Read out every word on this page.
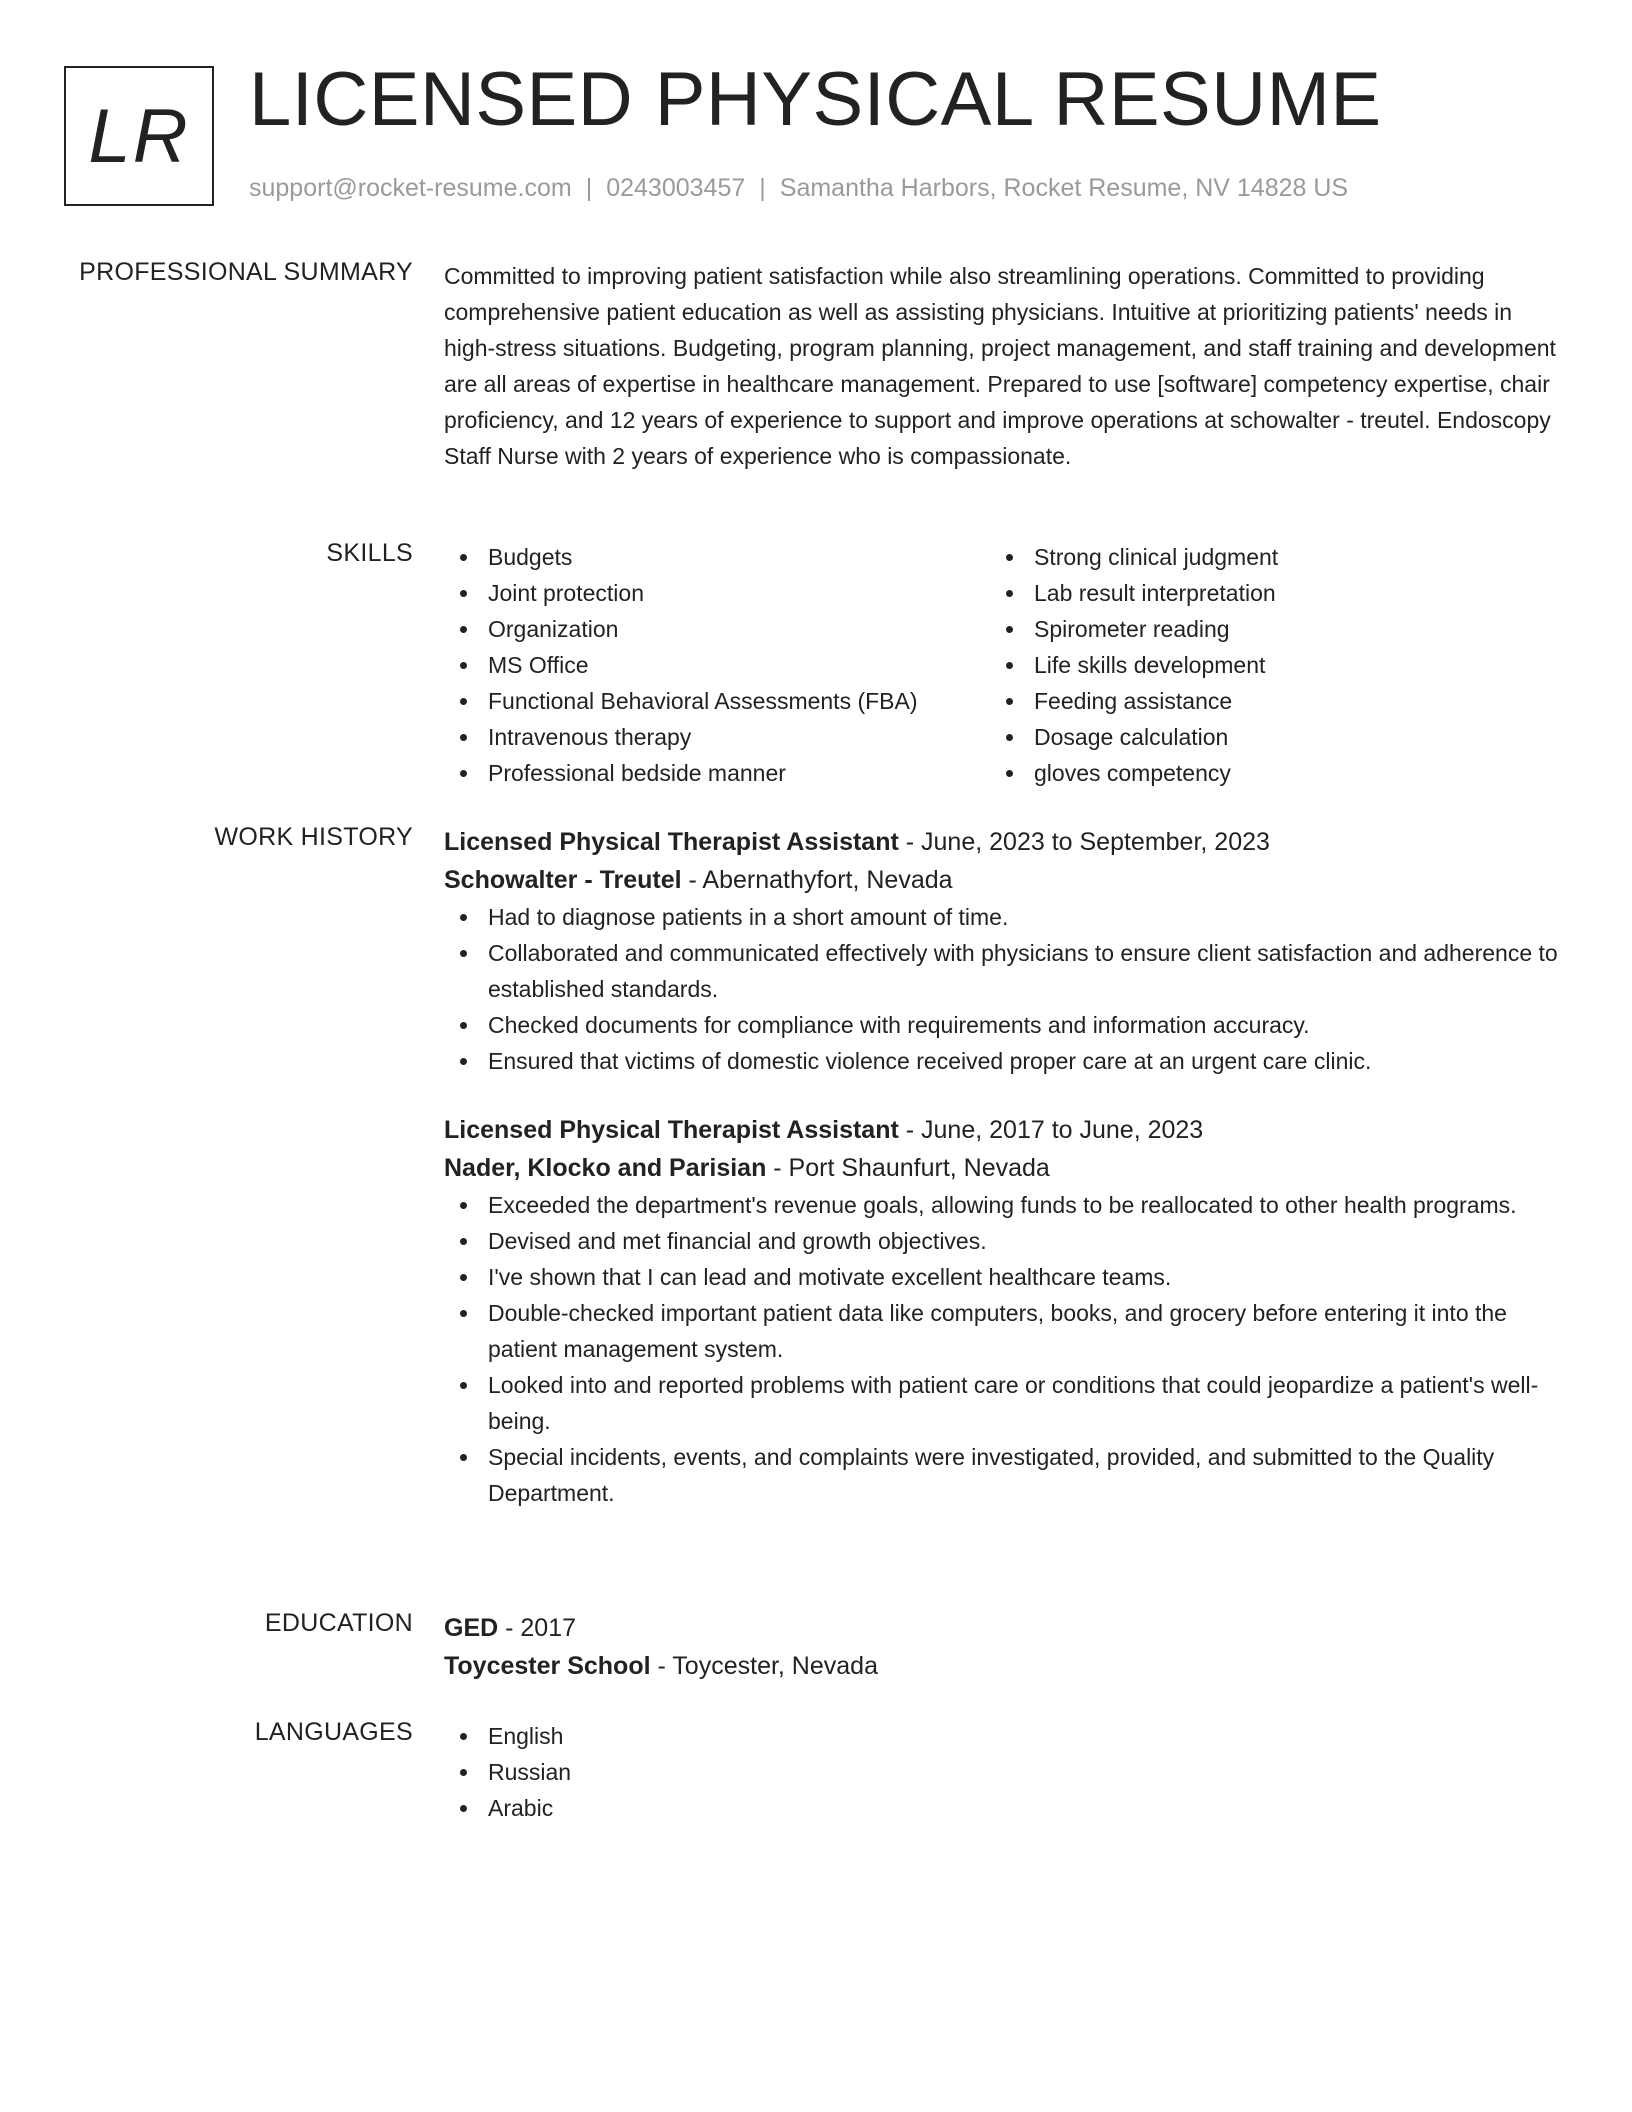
LR LICENSED PHYSICAL RESUME
support@rocket-resume.com | 0243003457 | Samantha Harbors, Rocket Resume, NV 14828 US
PROFESSIONAL SUMMARY Committed to improving patient satisfaction while also streamlining operations. Committed to providing comprehensive patient education as well as assisting physicians. Intuitive at prioritizing patients' needs in high-stress situations. Budgeting, program planning, project management, and staff training and development are all areas of expertise in healthcare management. Prepared to use [software] competency expertise, chair proficiency, and 12 years of experience to support and improve operations at schowalter - treutel. Endoscopy Staff Nurse with 2 years of experience who is compassionate.

SKILLS	Budgets
Joint protection
Organization
MS Office
Functional Behavioral Assessments (FBA)
Intravenous therapy
Professional bedside manner
Strong clinical judgment
Lab result interpretation
Spirometer reading
Life skills development
Feeding assistance
Dosage calculation
gloves competency
WORK HISTORY Licensed Physical Therapist Assistant - June, 2023 to September, 2023
Schowalter - Treutel - Abernathyfort, Nevada
Had to diagnose patients in a short amount of time.
Collaborated and communicated effectively with physicians to ensure client satisfaction and adherence to established standards.
Checked documents for compliance with requirements and information accuracy.
Ensured that victims of domestic violence received proper care at an urgent care clinic.
Licensed Physical Therapist Assistant - June, 2017 to June, 2023
Nader, Klocko and Parisian - Port Shaunfurt, Nevada
Exceeded the department's revenue goals, allowing funds to be reallocated to other health programs.
Devised and met financial and growth objectives.
I've shown that I can lead and motivate excellent healthcare teams.
Double-checked important patient data like computers, books, and grocery before entering it into the patient management system.
Looked into and reported problems with patient care or conditions that could jeopardize a patient's well-being.
Special incidents, events, and complaints were investigated, provided, and submitted to the Quality Department.
EDUCATION GED - 2017
Toycester School - Toycester, Nevada
LANGUAGES	English
Russian
Arabic
